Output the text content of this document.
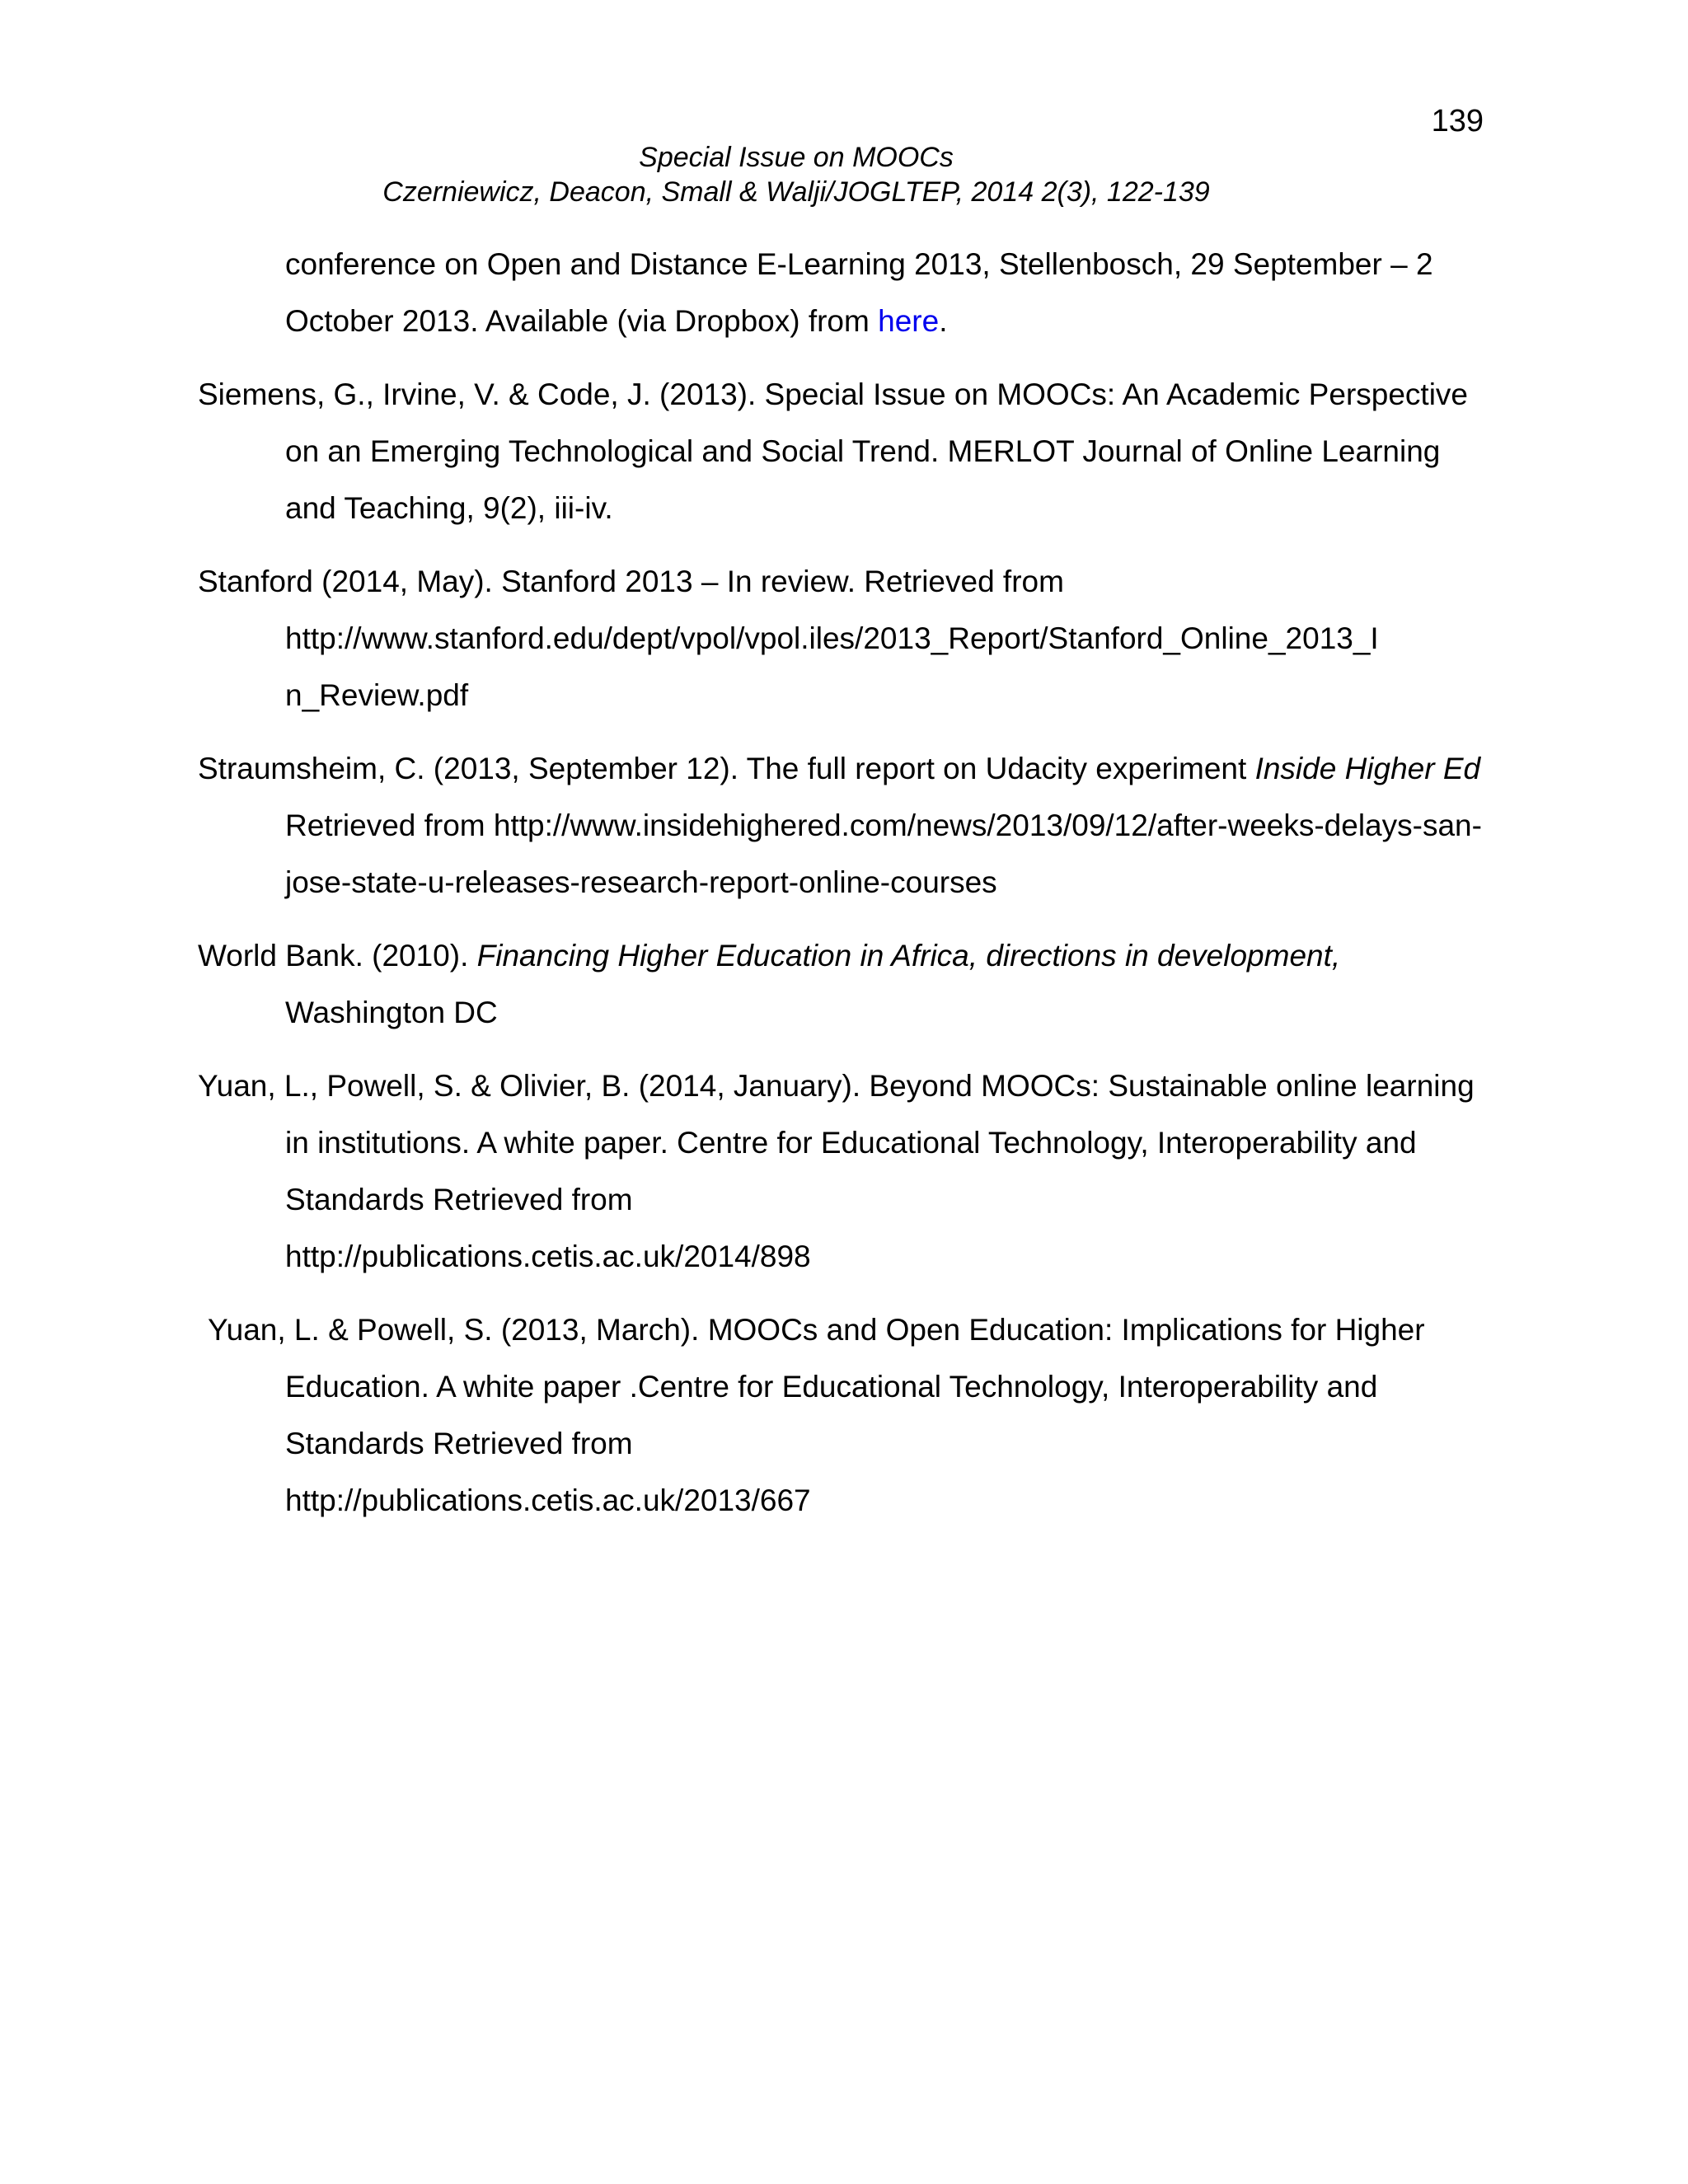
139
Special Issue on MOOCs
Czerniewicz, Deacon, Small & Walji/JOGLTEP, 2014 2(3), 122-139

conference on Open and Distance E-Learning 2013, Stellenbosch, 29 September – 2 October 2013. Available (via Dropbox) from here.

Siemens, G., Irvine, V. & Code, J. (2013). Special Issue on MOOCs: An Academic Perspective on an Emerging Technological and Social Trend. MERLOT Journal of Online Learning and Teaching, 9(2), iii-iv.

Stanford (2014, May). Stanford 2013 – In review. Retrieved from
http://www.stanford.edu/dept/vpol/vpol.iles/2013_Report/Stanford_Online_2013_I
n_Review.pdf

Straumsheim, C. (2013, September 12). The full report on Udacity experiment Inside Higher Ed Retrieved from http://www.insidehighered.com/news/2013/09/12/after-weeks-delays-san-jose-state-u-releases-research-report-online-courses

World Bank. (2010). Financing Higher Education in Africa, directions in development, Washington DC

Yuan, L., Powell, S. & Olivier, B. (2014, January). Beyond MOOCs: Sustainable online learning in institutions. A white paper. Centre for Educational Technology, Interoperability and Standards Retrieved from
http://publications.cetis.ac.uk/2014/898

Yuan, L. & Powell, S. (2013, March). MOOCs and Open Education: Implications for Higher Education. A white paper .Centre for Educational Technology, Interoperability and Standards Retrieved from
http://publications.cetis.ac.uk/2013/667
